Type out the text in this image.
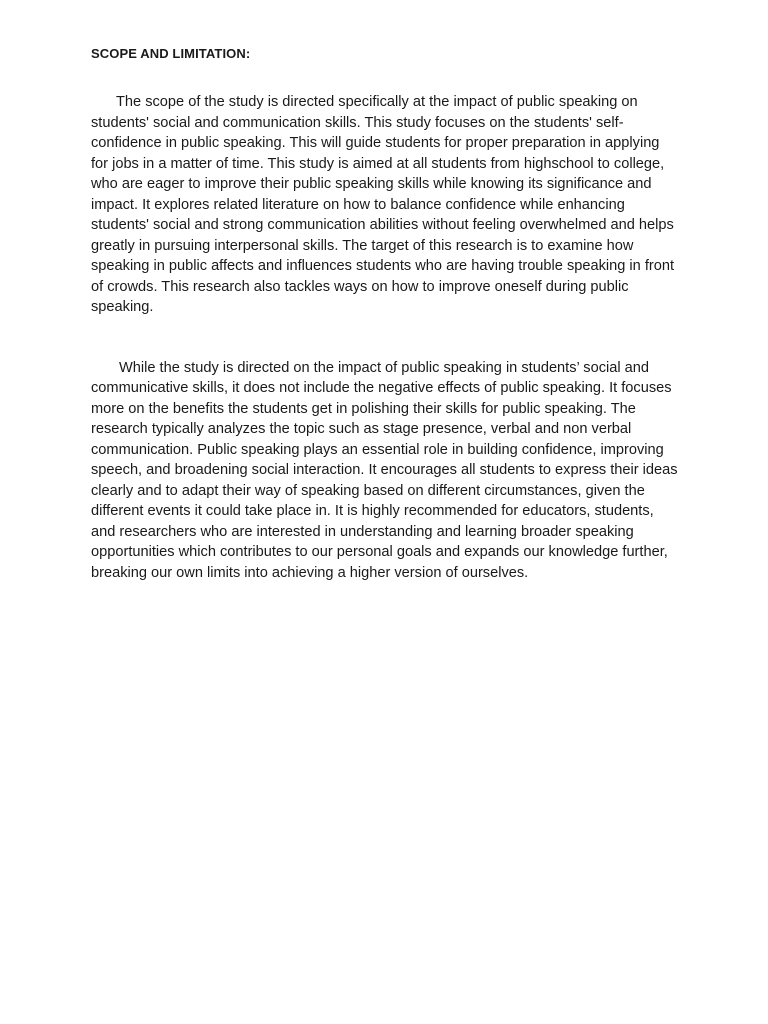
SCOPE AND LIMITATION:

The scope of the study is directed specifically at the impact of public speaking on students' social and communication skills. This study focuses on the students' self-confidence in public speaking. This will guide students for proper preparation in applying for jobs in a matter of time. This study is aimed at all students from highschool to college, who are eager to improve their public speaking skills while knowing its significance and impact. It explores related literature on how to balance confidence while enhancing students' social and strong communication abilities without feeling overwhelmed and helps greatly in pursuing interpersonal skills. The target of this research is to examine how speaking in public affects and influences students who are having trouble speaking in front of crowds. This research also tackles ways on how to improve oneself during public speaking.

While the study is directed on the impact of public speaking in students’ social and communicative skills, it does not include the negative effects of public speaking. It focuses more on the benefits the students get in polishing their skills for public speaking. The research typically analyzes the topic such as stage presence, verbal and non verbal communication. Public speaking plays an essential role in building confidence, improving speech, and broadening social interaction. It encourages all students to express their ideas clearly and to adapt their way of speaking based on different circumstances, given the different events it could take place in. It is highly recommended for educators, students, and researchers who are interested in understanding and learning broader speaking opportunities which contributes to our personal goals and expands our knowledge further, breaking our own limits into achieving a higher version of ourselves.
